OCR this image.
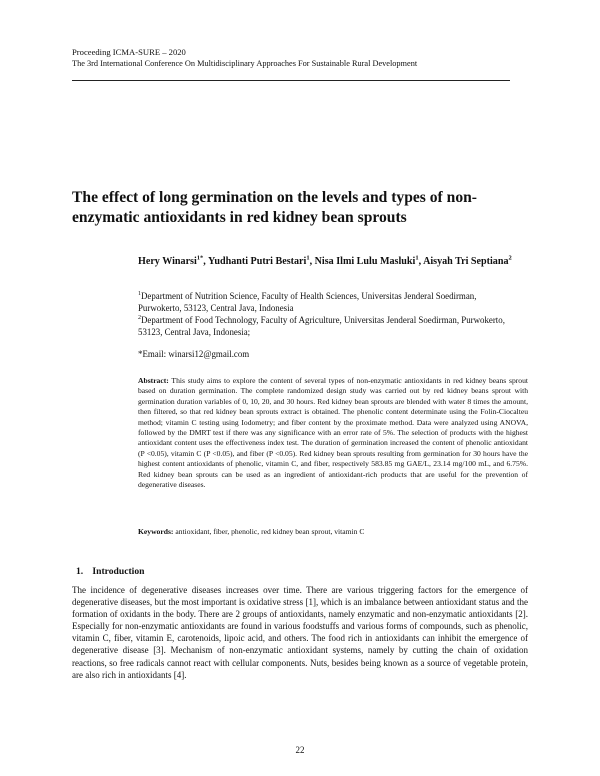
Proceeding ICMA-SURE – 2020
The 3rd International Conference On Multidisciplinary Approaches For Sustainable Rural Development
The effect of long germination on the levels and types of non-enzymatic antioxidants in red kidney bean sprouts
Hery Winarsi$^{1*}$, Yudhanti Putri Bestari$^1$, Nisa Ilmi Lulu Masluki$^1$, Aisyah Tri Septiana$^2$
$^1$Department of Nutrition Science, Faculty of Health Sciences, Universitas Jenderal Soedirman, Purwokerto, 53123, Central Java, Indonesia
$^2$Department of Food Technology, Faculty of Agriculture, Universitas Jenderal Soedirman, Purwokerto, 53123, Central Java, Indonesia;
*Email: winarsi12@gmail.com
Abstract: This study aims to explore the content of several types of non-enzymatic antioxidants in red kidney beans sprout based on duration germination. The complete randomized design study was carried out by red kidney beans sprout with germination duration variables of 0, 10, 20, and 30 hours. Red kidney bean sprouts are blended with water 8 times the amount, then filtered, so that red kidney bean sprouts extract is obtained. The phenolic content determinate using the Folin-Ciocalteu method; vitamin C testing using Iodometry; and fiber content by the proximate method. Data were analyzed using ANOVA, followed by the DMRT test if there was any significance with an error rate of 5%. The selection of products with the highest antioxidant content uses the effectiveness index test. The duration of germination increased the content of phenolic antioxidant (P <0.05), vitamin C (P <0.05), and fiber (P <0.05). Red kidney bean sprouts resulting from germination for 30 hours have the highest content antioxidants of phenolic, vitamin C, and fiber, respectively 583.85 mg GAE/L, 23.14 mg/100 mL, and 6.75%. Red kidney bean sprouts can be used as an ingredient of antioxidant-rich products that are useful for the prevention of degenerative diseases.
Keywords: antioxidant, fiber, phenolic, red kidney bean sprout, vitamin C
1. Introduction
The incidence of degenerative diseases increases over time. There are various triggering factors for the emergence of degenerative diseases, but the most important is oxidative stress [1], which is an imbalance between antioxidant status and the formation of oxidants in the body. There are 2 groups of antioxidants, namely enzymatic and non-enzymatic antioxidants [2]. Especially for non-enzymatic antioxidants are found in various foodstuffs and various forms of compounds, such as phenolic, vitamin C, fiber, vitamin E, carotenoids, lipoic acid, and others. The food rich in antioxidants can inhibit the emergence of degenerative disease [3]. Mechanism of non-enzymatic antioxidant systems, namely by cutting the chain of oxidation reactions, so free radicals cannot react with cellular components. Nuts, besides being known as a source of vegetable protein, are also rich in antioxidants [4].
22
